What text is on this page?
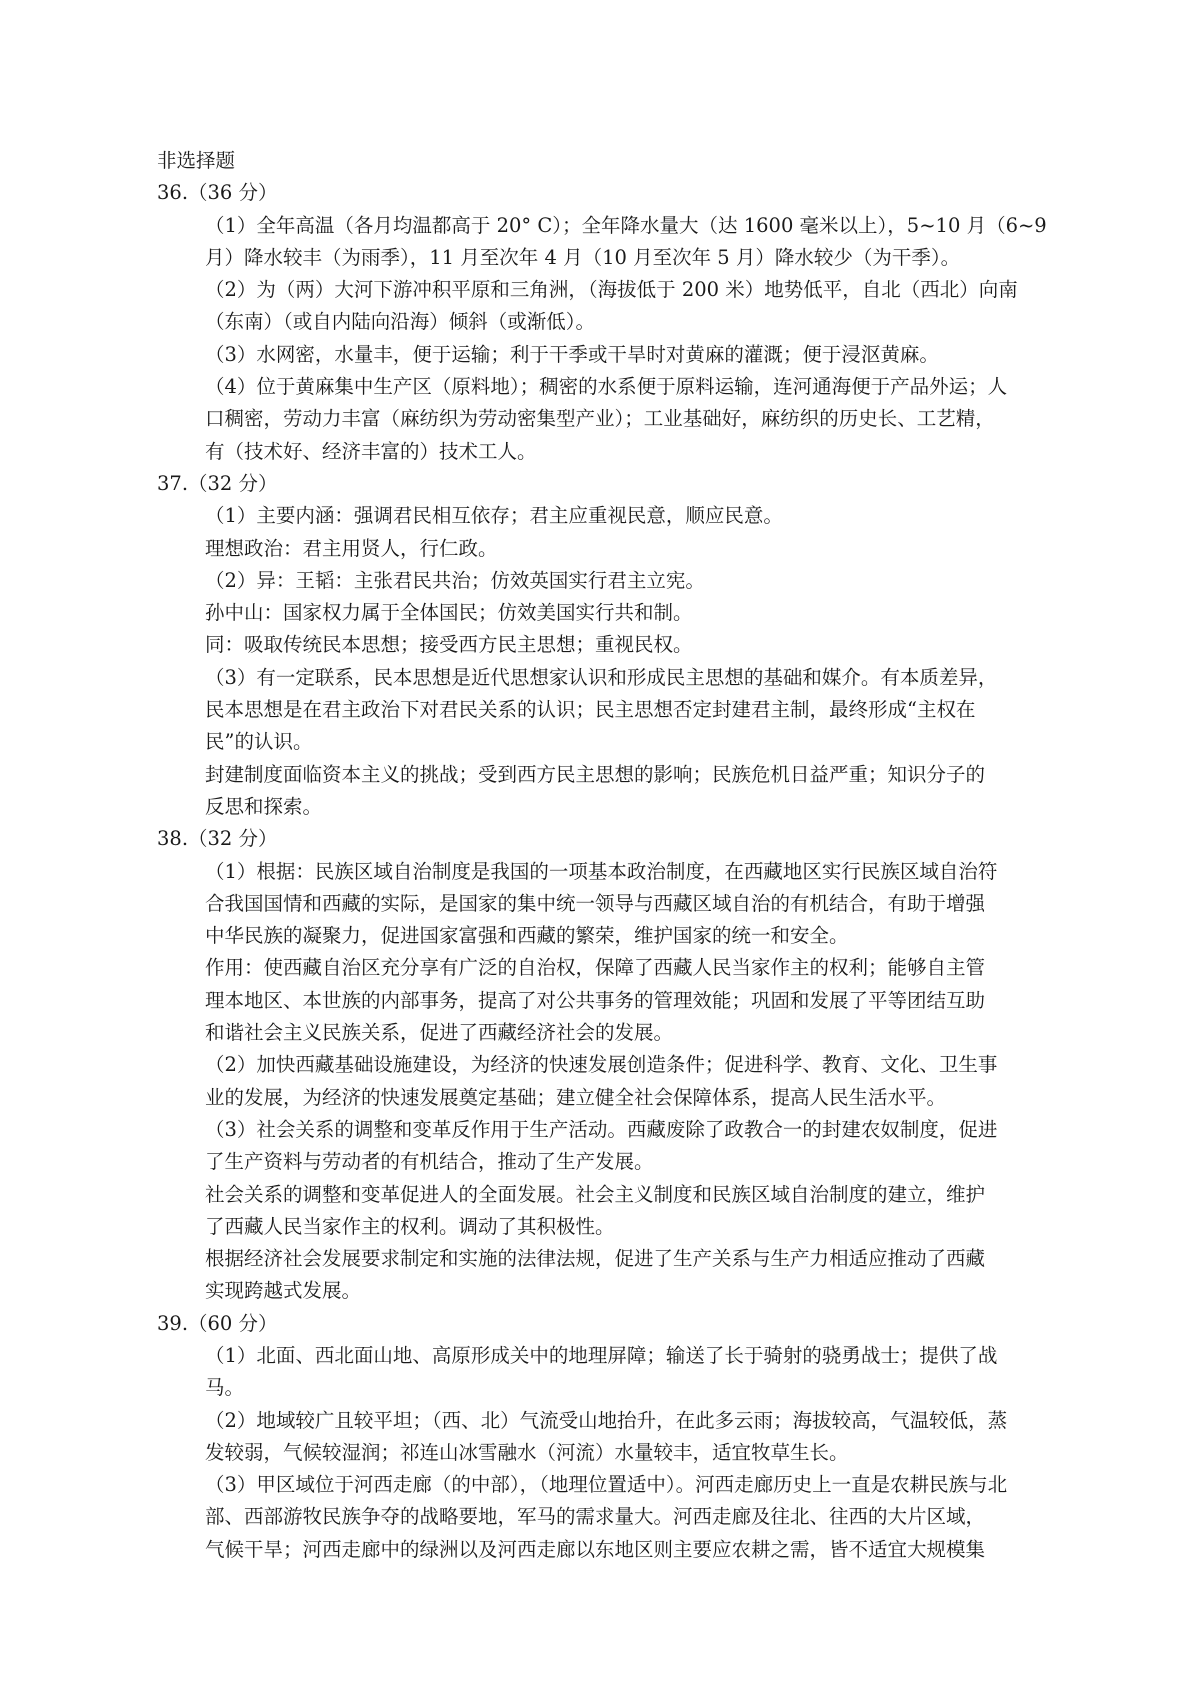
非选择题
36.（36 分）
（1）全年高温（各月均温都高于 20° C）；全年降水量大（达 1600 毫米以上），5~10 月（6~9
月）降水较丰（为雨季），11 月至次年 4 月（10 月至次年 5 月）降水较少（为干季）。
（2）为（两）大河下游冲积平原和三角洲，（海拔低于 200 米）地势低平，自北（西北）向南
（东南）（或自内陆向沿海）倾斜（或渐低）。
（3）水网密，水量丰，便于运输；利于干季或干旱时对黄麻的灌溉；便于浸沤黄麻。
（4）位于黄麻集中生产区（原料地）；稠密的水系便于原料运输，连河通海便于产品外运；人
口稠密，劳动力丰富（麻纺织为劳动密集型产业）；工业基础好，麻纺织的历史长、工艺精，
有（技术好、经济丰富的）技术工人。
37.（32 分）
（1）主要内涵：强调君民相互依存；君主应重视民意，顺应民意。
理想政治：君主用贤人，行仁政。
（2）异：王韬：主张君民共治；仿效英国实行君主立宪。
孙中山：国家权力属于全体国民；仿效美国实行共和制。
同：吸取传统民本思想；接受西方民主思想；重视民权。
（3）有一定联系，民本思想是近代思想家认识和形成民主思想的基础和媒介。有本质差异，
民本思想是在君主政治下对君民关系的认识；民主思想否定封建君主制，最终形成“主权在
民”的认识。
封建制度面临资本主义的挑战；受到西方民主思想的影响；民族危机日益严重；知识分子的
反思和探索。
38.（32 分）
（1）根据：民族区域自治制度是我国的一项基本政治制度，在西藏地区实行民族区域自治符
合我国国情和西藏的实际，是国家的集中统一领导与西藏区域自治的有机结合，有助于增强
中华民族的凝聚力，促进国家富强和西藏的繁荣，维护国家的统一和安全。
作用：使西藏自治区充分享有广泛的自治权，保障了西藏人民当家作主的权利；能够自主管
理本地区、本世族的内部事务，提高了对公共事务的管理效能；巩固和发展了平等团结互助
和谐社会主义民族关系，促进了西藏经济社会的发展。
（2）加快西藏基础设施建设，为经济的快速发展创造条件；促进科学、教育、文化、卫生事
业的发展，为经济的快速发展奠定基础；建立健全社会保障体系，提高人民生活水平。
（3）社会关系的调整和变革反作用于生产活动。西藏废除了政教合一的封建农奴制度，促进
了生产资料与劳动者的有机结合，推动了生产发展。
社会关系的调整和变革促进人的全面发展。社会主义制度和民族区域自治制度的建立，维护
了西藏人民当家作主的权利。调动了其积极性。
根据经济社会发展要求制定和实施的法律法规，促进了生产关系与生产力相适应推动了西藏
实现跨越式发展。
39.（60 分）
（1）北面、西北面山地、高原形成关中的地理屏障；输送了长于骑射的骁勇战士；提供了战
马。
（2）地域较广且较平坦；（西、北）气流受山地抬升，在此多云雨；海拔较高，气温较低，蒸
发较弱，气候较湿润；祁连山冰雪融水（河流）水量较丰，适宜牧草生长。
（3）甲区域位于河西走廊（的中部），（地理位置适中）。河西走廊历史上一直是农耕民族与北
部、西部游牧民族争夺的战略要地，军马的需求量大。河西走廊及往北、往西的大片区域，
气候干旱；河西走廊中的绿洲以及河西走廊以东地区则主要应农耕之需，皆不适宜大规模集
